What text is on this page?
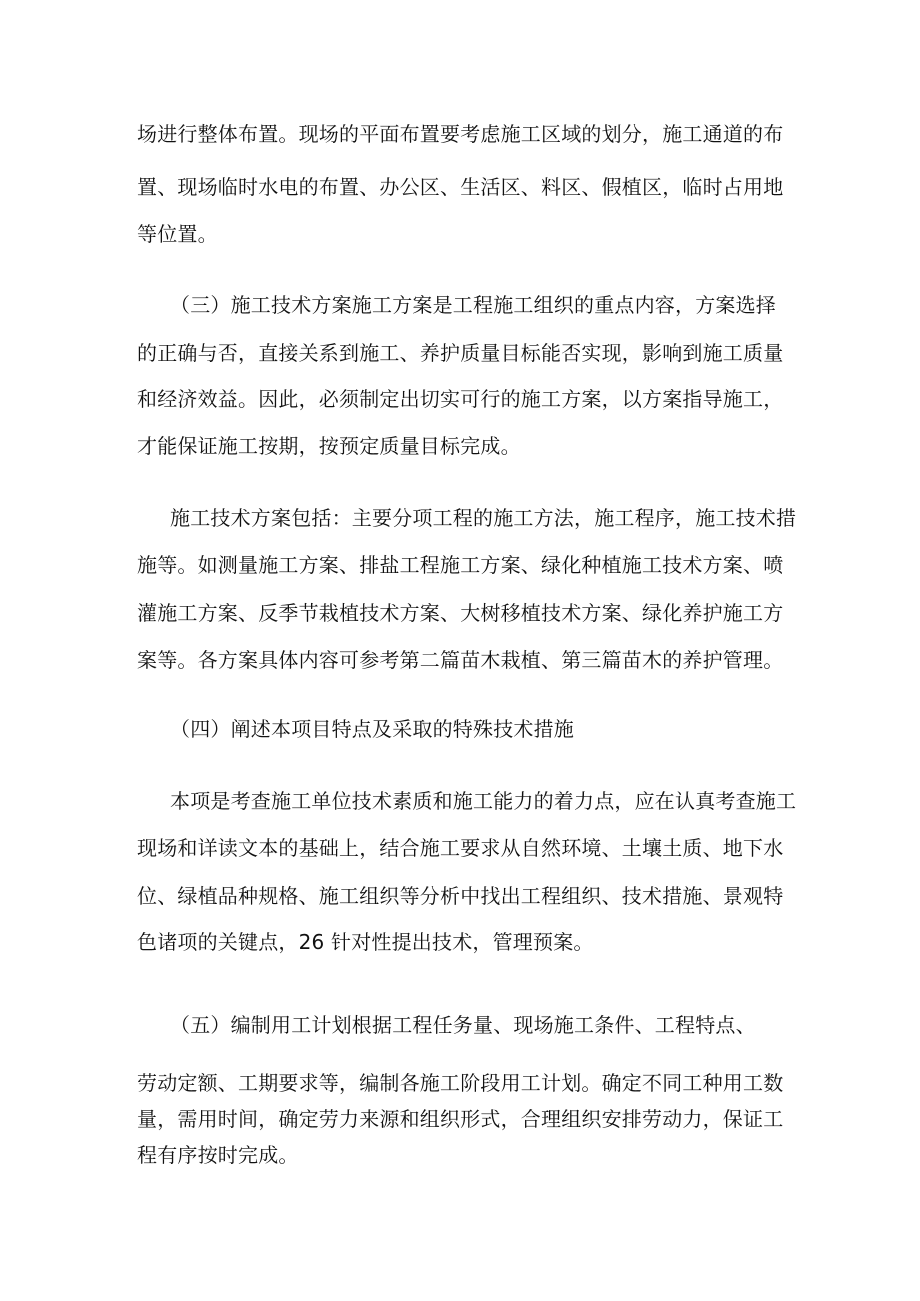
场进行整体布置。现场的平面布置要考虑施工区域的划分，施工通道的布
置、现场临时水电的布置、办公区、生活区、料区、假植区，临时占用地
等位置。
（三）施工技术方案施工方案是工程施工组织的重点内容，方案选择
的正确与否，直接关系到施工、养护质量目标能否实现，影响到施工质量
和经济效益。因此，必须制定出切实可行的施工方案，以方案指导施工，
才能保证施工按期，按预定质量目标完成。
施工技术方案包括：主要分项工程的施工方法，施工程序，施工技术措
施等。如测量施工方案、排盐工程施工方案、绿化种植施工技术方案、喷
灌施工方案、反季节栽植技术方案、大树移植技术方案、绿化养护施工方
案等。各方案具体内容可参考第二篇苗木栽植、第三篇苗木的养护管理。
（四）阐述本项目特点及采取的特殊技术措施
本项是考查施工单位技术素质和施工能力的着力点，应在认真考查施工
现场和详读文本的基础上，结合施工要求从自然环境、土壤土质、地下水
位、绿植品种规格、施工组织等分析中找出工程组织、技术措施、景观特
色诸项的关键点，26 针对性提出技术，管理预案。
（五）编制用工计划根据工程任务量、现场施工条件、工程特点、
劳动定额、工期要求等，编制各施工阶段用工计划。确定不同工种用工数
量，需用时间，确定劳力来源和组织形式，合理组织安排劳动力，保证工
程有序按时完成。
